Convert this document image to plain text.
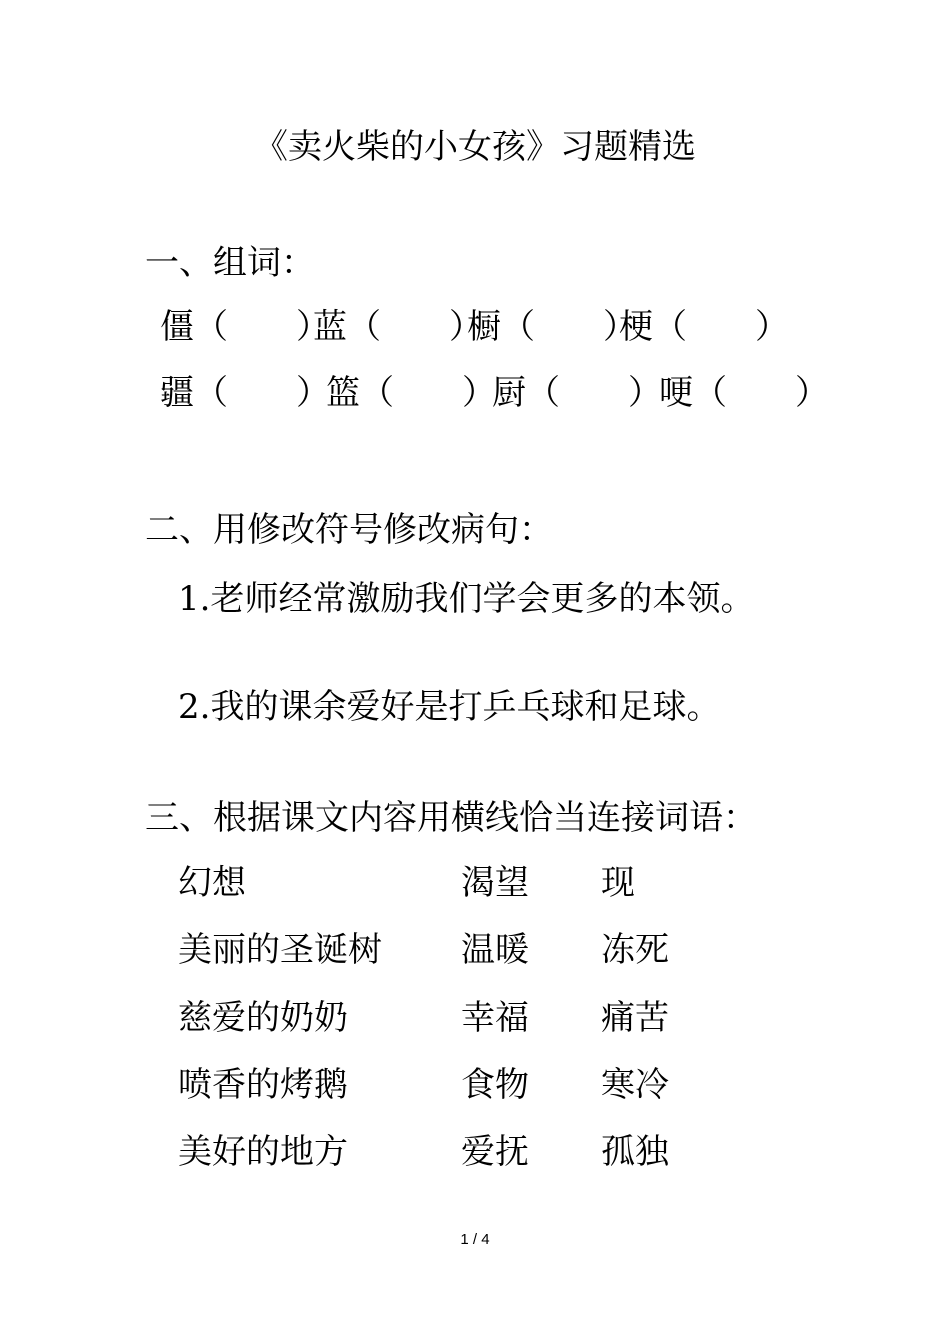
《卖火柴的小女孩》习题精选
一、组词：
僵（　　）
蓝（　　）
橱（　　）
梗（　　）
疆（　　）
篮（　　）
厨（　　）
哽（　　）
二、用修改符号修改病句：
1.老师经常激励我们学会更多的本领。
2.我的课余爱好是打乒乓球和足球。
三、根据课文内容用横线恰当连接词语：
幻想
美丽的圣诞树
慈爱的奶奶
喷香的烤鹅
美好的地方
渴望
温暖
幸福
食物
爱抚
现
冻死
痛苦
寒冷
孤独
1 / 4
